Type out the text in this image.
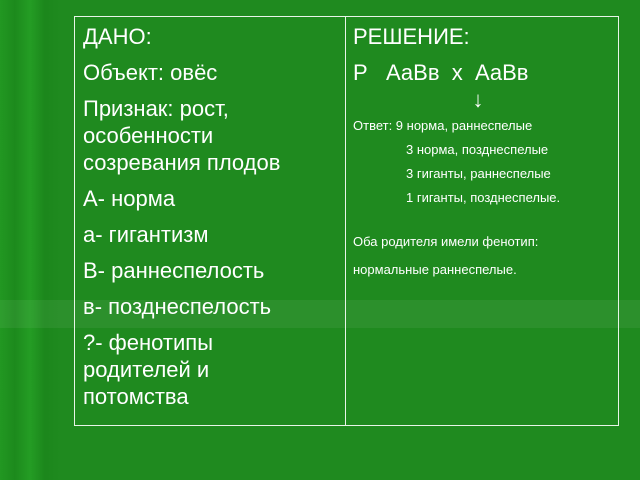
ДАНО:
Объект: овёс
Признак: рост,
особенности
созревания плодов
А- норма
а- гигантизм
В- раннеспелость
в- позднеспелость
?- фенотипы
родителей и
потомства
РЕШЕНИЕ:
Р   АаВв  х  АаВв
↓
Ответ: 9 норма, раннеспелые
3 норма, позднеспелые
3 гиганты, раннеспелые
1 гиганты, позднеспелые.
Оба родителя имели фенотип:
нормальные раннеспелые.
